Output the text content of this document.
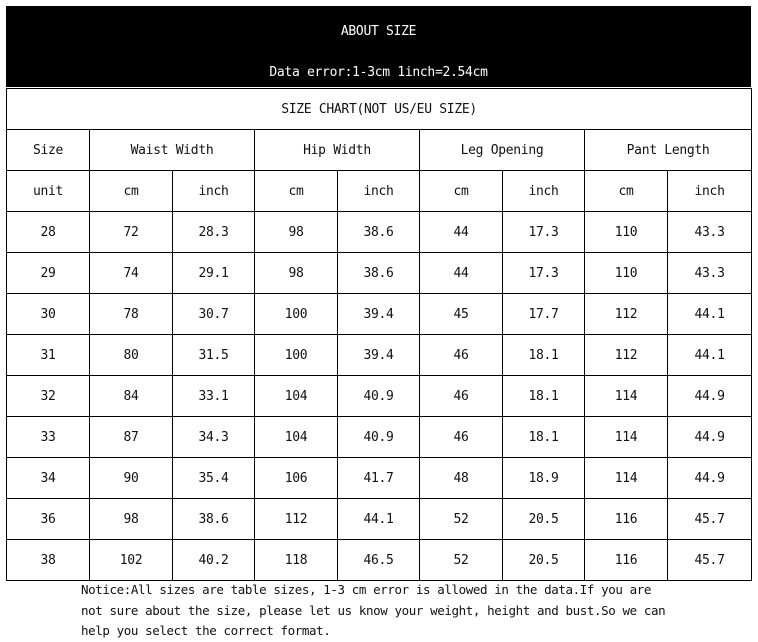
ABOUT SIZE
Data error:1-3cm 1inch=2.54cm
SIZE CHART(NOT US/EU SIZE)								
Size	Waist Width		Hip Width		Leg Opening		Pant Length	
unit	cm	inch	cm	inch	cm	inch	cm	inch
28	72	28.3	98	38.6	44	17.3	110	43.3
29	74	29.1	98	38.6	44	17.3	110	43.3
30	78	30.7	100	39.4	45	17.7	112	44.1
31	80	31.5	100	39.4	46	18.1	112	44.1
32	84	33.1	104	40.9	46	18.1	114	44.9
33	87	34.3	104	40.9	46	18.1	114	44.9
34	90	35.4	106	41.7	48	18.9	114	44.9
36	98	38.6	112	44.1	52	20.5	116	45.7
38	102	40.2	118	46.5	52	20.5	116	45.7
Notice:All sizes are table sizes, 1-3 cm error is allowed in the data.If you are
not sure about the size, please let us know your weight, height and bust.So we can
help you select the correct format.
